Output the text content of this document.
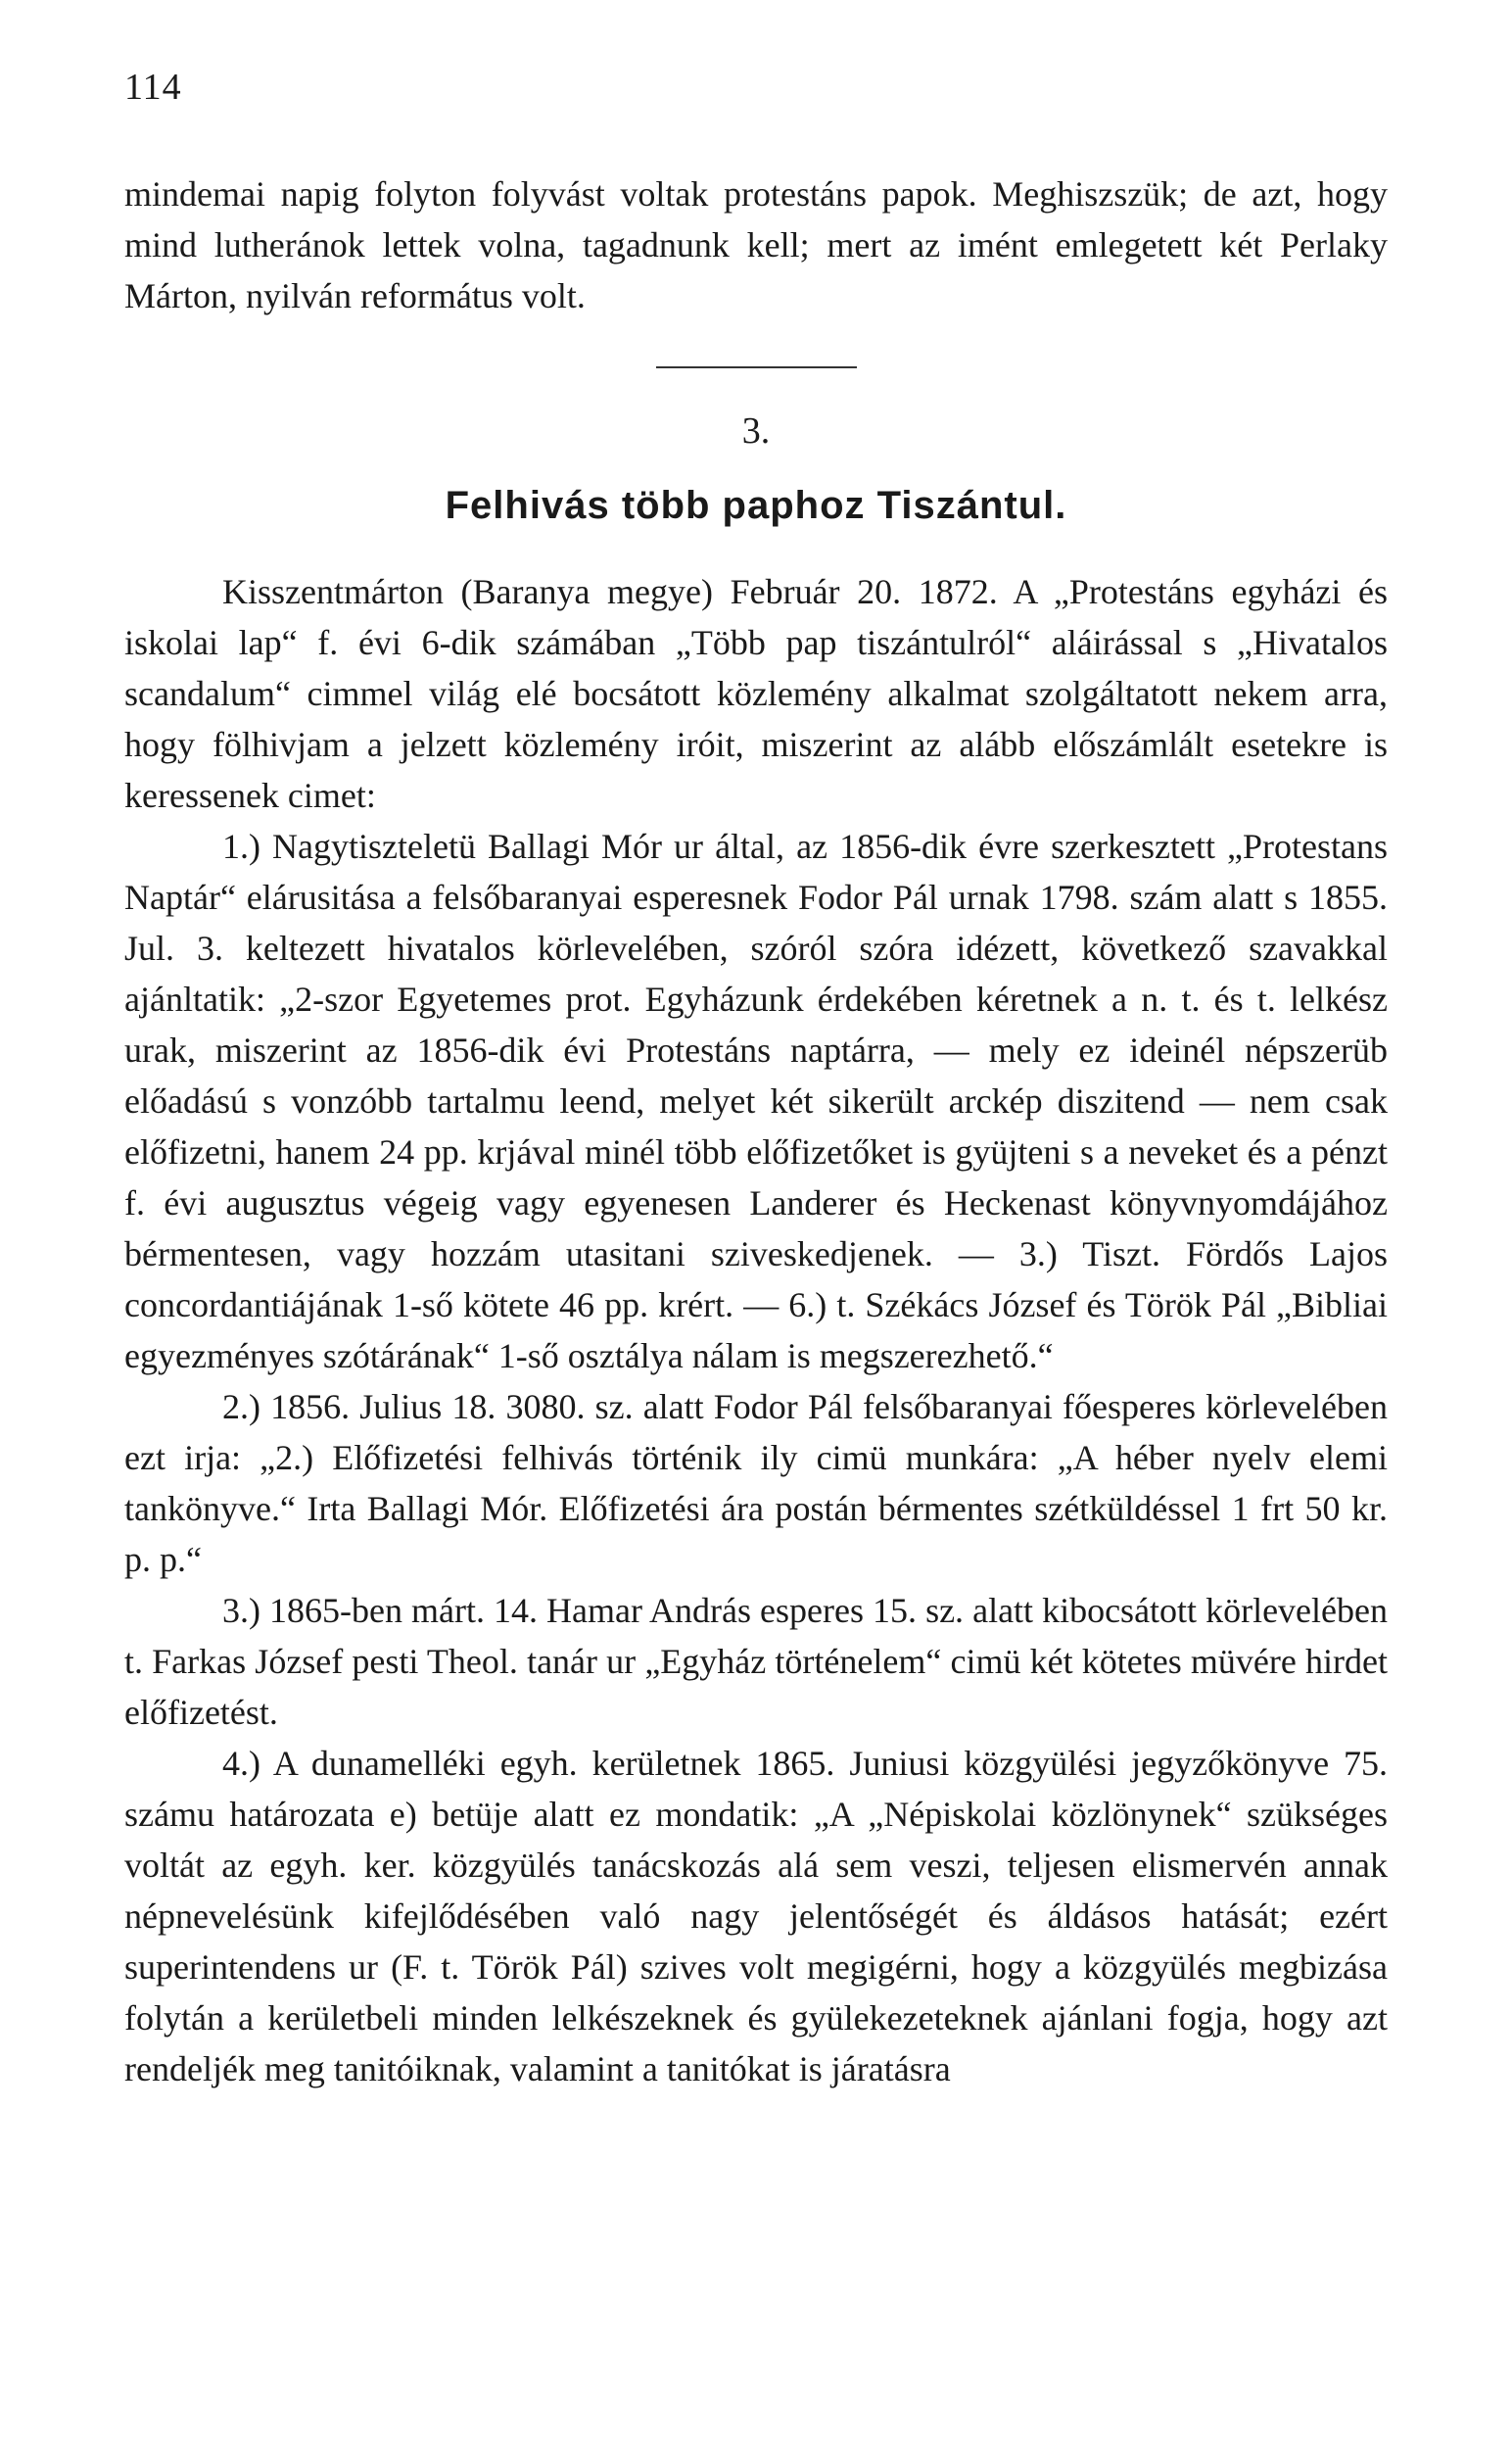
114

mindemai napig folyton folyvást voltak protestáns papok. Meghiszszük; de azt, hogy mind lutheránok lettek volna, tagadnunk kell; mert az imént emlegetett két Perlaky Márton, nyilván református volt.

3.
Felhivás több paphoz Tiszántul.

Kisszentmárton (Baranya megye) Február 20. 1872. A „Protestáns egyházi és iskolai lap“ f. évi 6-dik számában „Több pap tiszántulról“ aláirással s „Hivatalos scandalum“ cimmel világ elé bocsátott közlemény alkalmat szolgáltatott nekem arra, hogy fölhivjam a jelzett közlemény iróit, miszerint az alább előszámlált esetekre is keressenek cimet:

1.) Nagytiszteletü Ballagi Mór ur által, az 1856-dik évre szerkesztett „Protestans Naptár“ elárusitása a felsőbaranyai esperesnek Fodor Pál urnak 1798. szám alatt s 1855. Jul. 3. keltezett hivatalos körlevelében, szóról szóra idézett, következő szavakkal ajánltatik: „2-szor Egyetemes prot. Egyházunk érdekében kéretnek a n. t. és t. lelkész urak, miszerint az 1856-dik évi Protestáns naptárra, — mely ez ideinél népszerüb előadású s vonzóbb tartalmu leend, melyet két sikerült arckép diszitend — nem csak előfizetni, hanem 24 pp. krjával minél több előfizetőket is gyüjteni s a neveket és a pénzt f. évi augusztus végeig vagy egyenesen Landerer és Heckenast könyvnyomdájához bérmentesen, vagy hozzám utasitani sziveskedjenek. — 3.) Tiszt. Fördős Lajos concordantiájának 1-ső kötete 46 pp. krért. — 6.) t. Székács József és Török Pál „Bibliai egyezményes szótárának“ 1-ső osztálya nálam is megszerezhető.“

2.) 1856. Julius 18. 3080. sz. alatt Fodor Pál felsőbaranyai főesperes körlevelében ezt irja: „2.) Előfizetési felhivás történik ily cimü munkára: „A héber nyelv elemi tankönyve.“ Irta Ballagi Mór. Előfizetési ára postán bérmentes szétküldéssel 1 frt 50 kr. p. p.“

3.) 1865-ben márt. 14. Hamar András esperes 15. sz. alatt kibocsátott körlevelében t. Farkas József pesti Theol. tanár ur „Egyház történelem“ cimü két kötetes müvére hirdet előfizetést.

4.) A dunamelléki egyh. kerületnek 1865. Juniusi közgyülési jegyzőkönyve 75. számu határozata e) betüje alatt ez mondatik: „A „Népiskolai közlönynek“ szükséges voltát az egyh. ker. közgyülés tanácskozás alá sem veszi, teljesen elismervén annak népnevelésünk kifejlődésében való nagy jelentőségét és áldásos hatását; ezért superintendens ur (F. t. Török Pál) szives volt megigérni, hogy a közgyülés megbizása folytán a kerületbeli minden lelkészeknek és gyülekezeteknek ajánlani fogja, hogy azt rendeljék meg tanitóiknak, valamint a tanitókat is járatásra
